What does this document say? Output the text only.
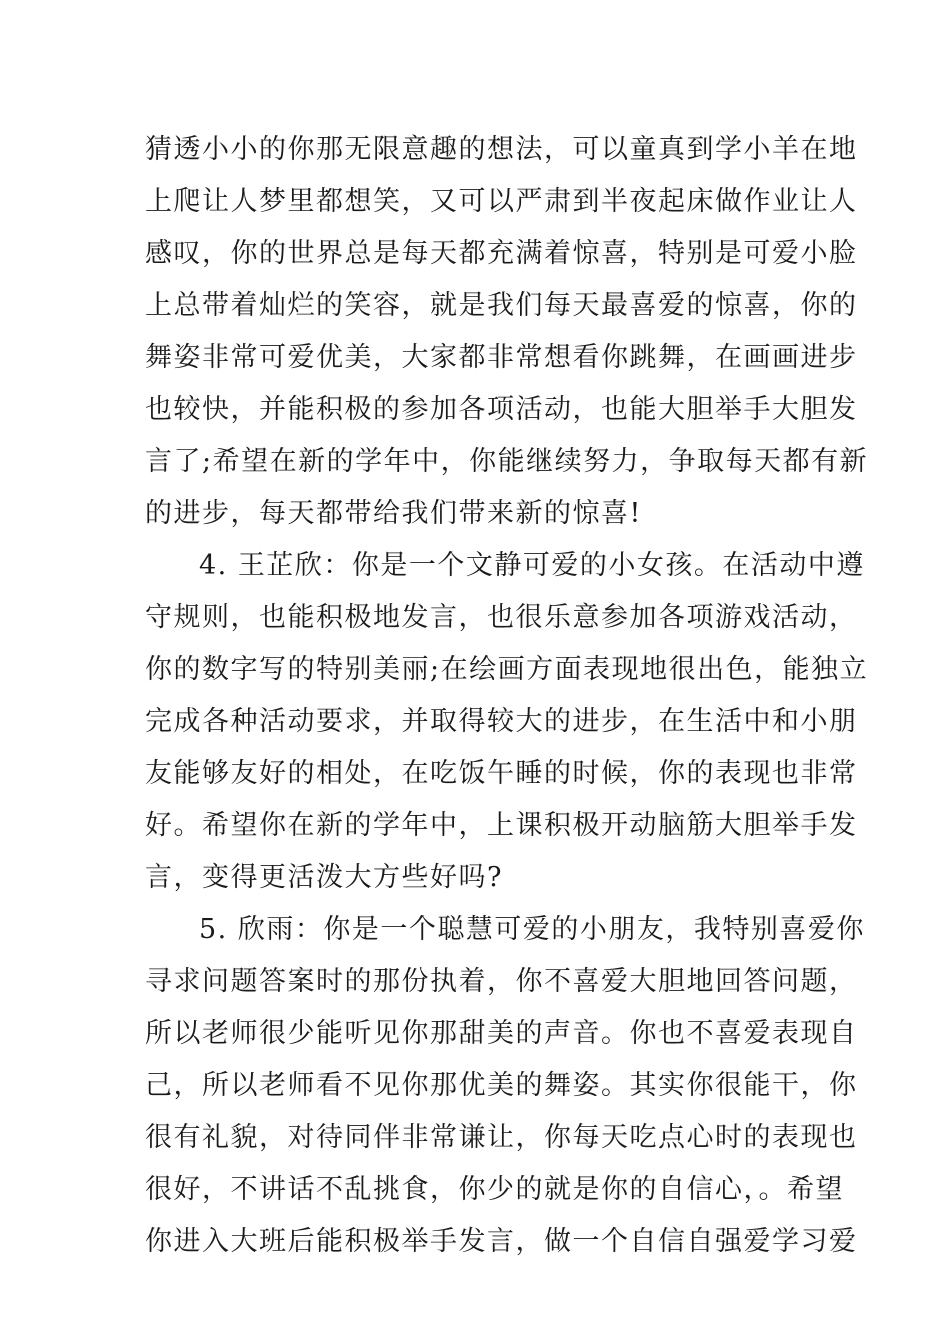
猜透小小的你那无限意趣的想法，可以童真到学小羊在地
上爬让人梦里都想笑，又可以严肃到半夜起床做作业让人
感叹，你的世界总是每天都充满着惊喜，特别是可爱小脸
上总带着灿烂的笑容，就是我们每天最喜爱的惊喜，你的
舞姿非常可爱优美，大家都非常想看你跳舞，在画画进步
也较快，并能积极的参加各项活动，也能大胆举手大胆发
言了;希望在新的学年中，你能继续努力，争取每天都有新
的进步，每天都带给我们带来新的惊喜!

4. 王芷欣：你是一个文静可爱的小女孩。在活动中遵
守规则，也能积极地发言，也很乐意参加各项游戏活动，
你的数字写的特别美丽;在绘画方面表现地很出色，能独立
完成各种活动要求，并取得较大的进步，在生活中和小朋
友能够友好的相处，在吃饭午睡的时候，你的表现也非常
好。希望你在新的学年中，上课积极开动脑筋大胆举手发
言，变得更活泼大方些好吗?

5. 欣雨：你是一个聪慧可爱的小朋友，我特别喜爱你
寻求问题答案时的那份执着，你不喜爱大胆地回答问题，
所以老师很少能听见你那甜美的声音。你也不喜爱表现自
己，所以老师看不见你那优美的舞姿。其实你很能干，你
很有礼貌，对待同伴非常谦让，你每天吃点心时的表现也
很好，不讲话不乱挑食，你少的就是你的自信心，。希望
你进入大班后能积极举手发言，做一个自信自强爱学习爱
